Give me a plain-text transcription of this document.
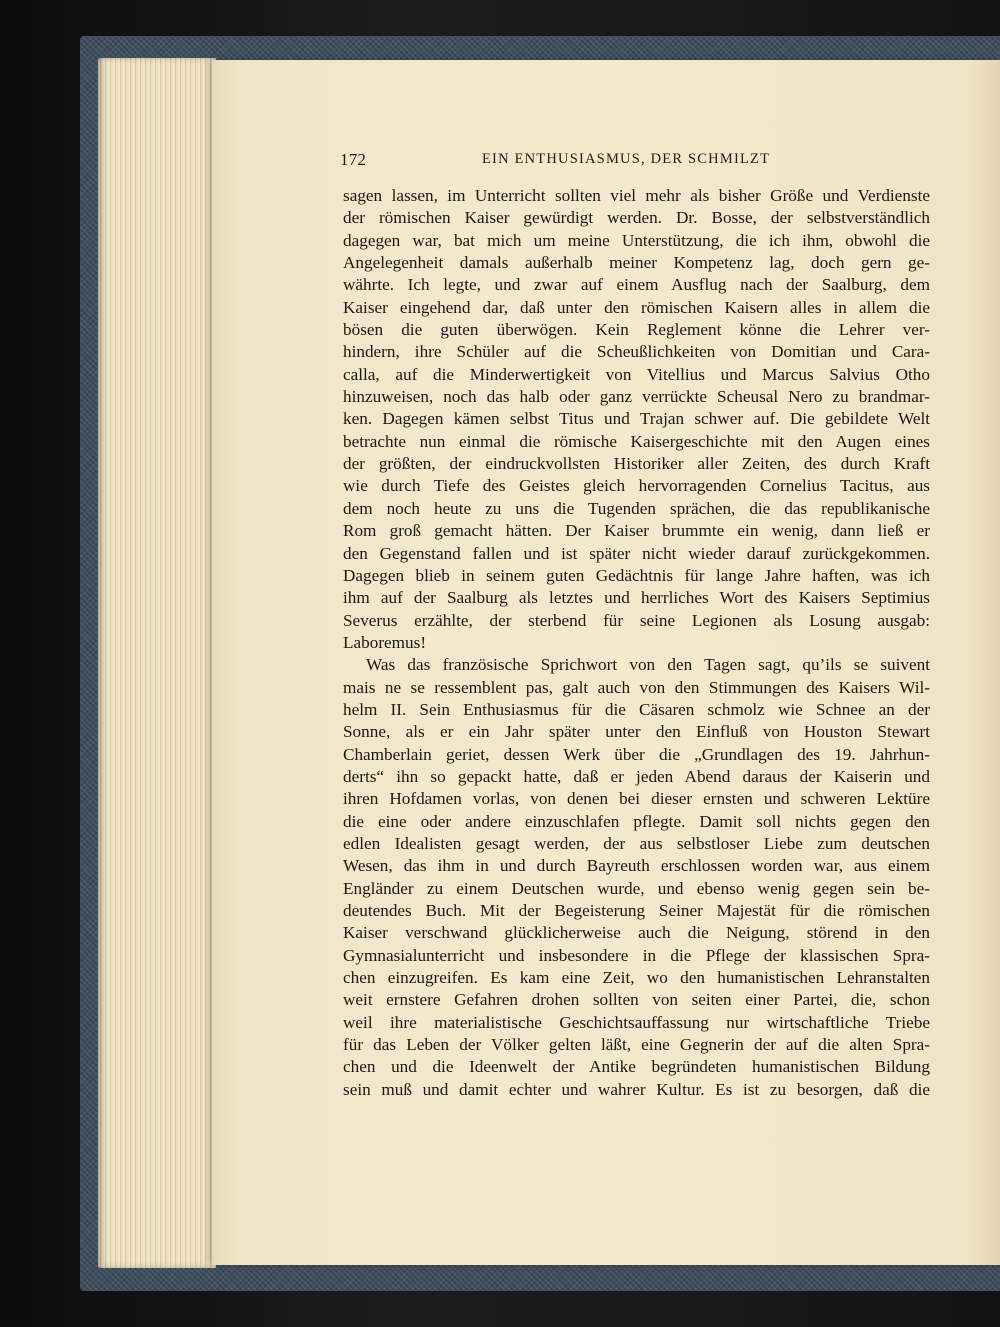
172	EIN ENTHUSIASMUS, DER SCHMILZT

sagen lassen, im Unterricht sollten viel mehr als bisher Größe und Verdienste
der römischen Kaiser gewürdigt werden. Dr. Bosse, der selbstverständlich
dagegen war, bat mich um meine Unterstützung, die ich ihm, obwohl die
Angelegenheit damals außerhalb meiner Kompetenz lag, doch gern ge-
währte. Ich legte, und zwar auf einem Ausflug nach der Saalburg, dem
Kaiser eingehend dar, daß unter den römischen Kaisern alles in allem die
bösen die guten überwögen. Kein Reglement könne die Lehrer ver-
hindern, ihre Schüler auf die Scheußlichkeiten von Domitian und Cara-
calla, auf die Minderwertigkeit von Vitellius und Marcus Salvius Otho
hinzuweisen, noch das halb oder ganz verrückte Scheusal Nero zu brandmar-
ken. Dagegen kämen selbst Titus und Trajan schwer auf. Die gebildete Welt
betrachte nun einmal die römische Kaisergeschichte mit den Augen eines
der größten, der eindruckvollsten Historiker aller Zeiten, des durch Kraft
wie durch Tiefe des Geistes gleich hervorragenden Cornelius Tacitus, aus
dem noch heute zu uns die Tugenden sprächen, die das republikanische
Rom groß gemacht hätten. Der Kaiser brummte ein wenig, dann ließ er
den Gegenstand fallen und ist später nicht wieder darauf zurückgekommen.
Dagegen blieb in seinem guten Gedächtnis für lange Jahre haften, was ich
ihm auf der Saalburg als letztes und herrliches Wort des Kaisers Septimius
Severus erzählte, der sterbend für seine Legionen als Losung ausgab:
Laboremus!

Was das französische Sprichwort von den Tagen sagt, qu’ils se suivent
mais ne se ressemblent pas, galt auch von den Stimmungen des Kaisers Wil-
helm II. Sein Enthusiasmus für die Cäsaren schmolz wie Schnee an der
Sonne, als er ein Jahr später unter den Einfluß von Houston Stewart
Chamberlain geriet, dessen Werk über die „Grundlagen des 19. Jahrhun-
derts“ ihn so gepackt hatte, daß er jeden Abend daraus der Kaiserin und
ihren Hofdamen vorlas, von denen bei dieser ernsten und schweren Lektüre
die eine oder andere einzuschlafen pflegte. Damit soll nichts gegen den
edlen Idealisten gesagt werden, der aus selbstloser Liebe zum deutschen
Wesen, das ihm in und durch Bayreuth erschlossen worden war, aus einem
Engländer zu einem Deutschen wurde, und ebenso wenig gegen sein be-
deutendes Buch. Mit der Begeisterung Seiner Majestät für die römischen
Kaiser verschwand glücklicherweise auch die Neigung, störend in den
Gymnasialunterricht und insbesondere in die Pflege der klassischen Spra-
chen einzugreifen. Es kam eine Zeit, wo den humanistischen Lehranstalten
weit ernstere Gefahren drohen sollten von seiten einer Partei, die, schon
weil ihre materialistische Geschichtsauffassung nur wirtschaftliche Triebe
für das Leben der Völker gelten läßt, eine Gegnerin der auf die alten Spra-
chen und die Ideenwelt der Antike begründeten humanistischen Bildung
sein muß und damit echter und wahrer Kultur. Es ist zu besorgen, daß die
